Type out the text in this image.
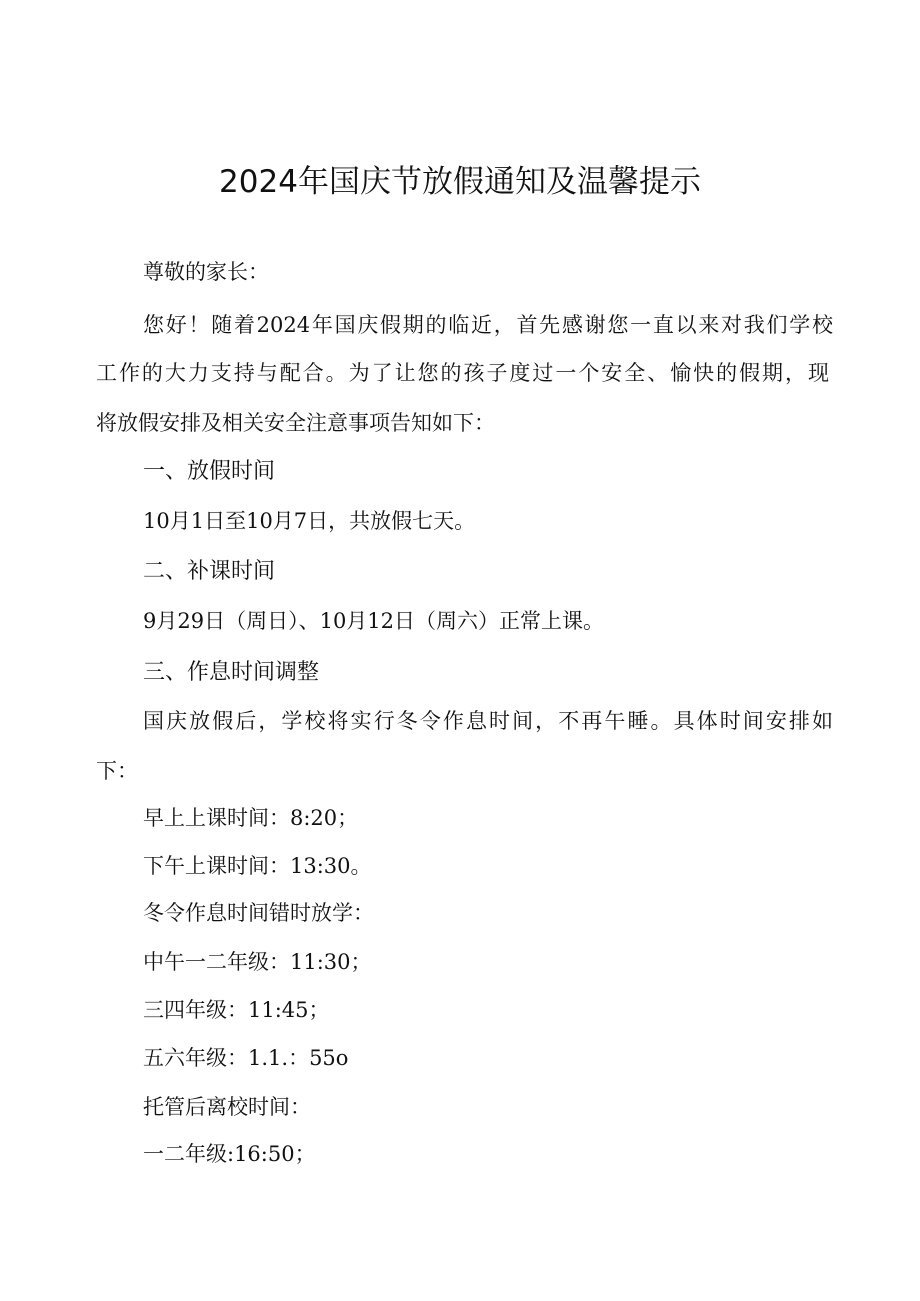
2024年国庆节放假通知及温馨提示

尊敬的家长：

您好！随着2024年国庆假期的临近，首先感谢您一直以来对我们学校

工作的大力支持与配合。为了让您的孩子度过一个安全、愉快的假期，现

将放假安排及相关安全注意事项告知如下：

一、放假时间

10月1日至10月7日，共放假七天。

二、补课时间

9月29日（周日）、10月12日（周六）正常上课。

三、作息时间调整

国庆放假后，学校将实行冬令作息时间，不再午睡。具体时间安排如

下：

早上上课时间：8:20；

下午上课时间：13:30。

冬令作息时间错时放学：

中午一二年级：11:30；

三四年级：11:45；

五六年级：1.1.：55o

托管后离校时间：

一二年级:16:50；
